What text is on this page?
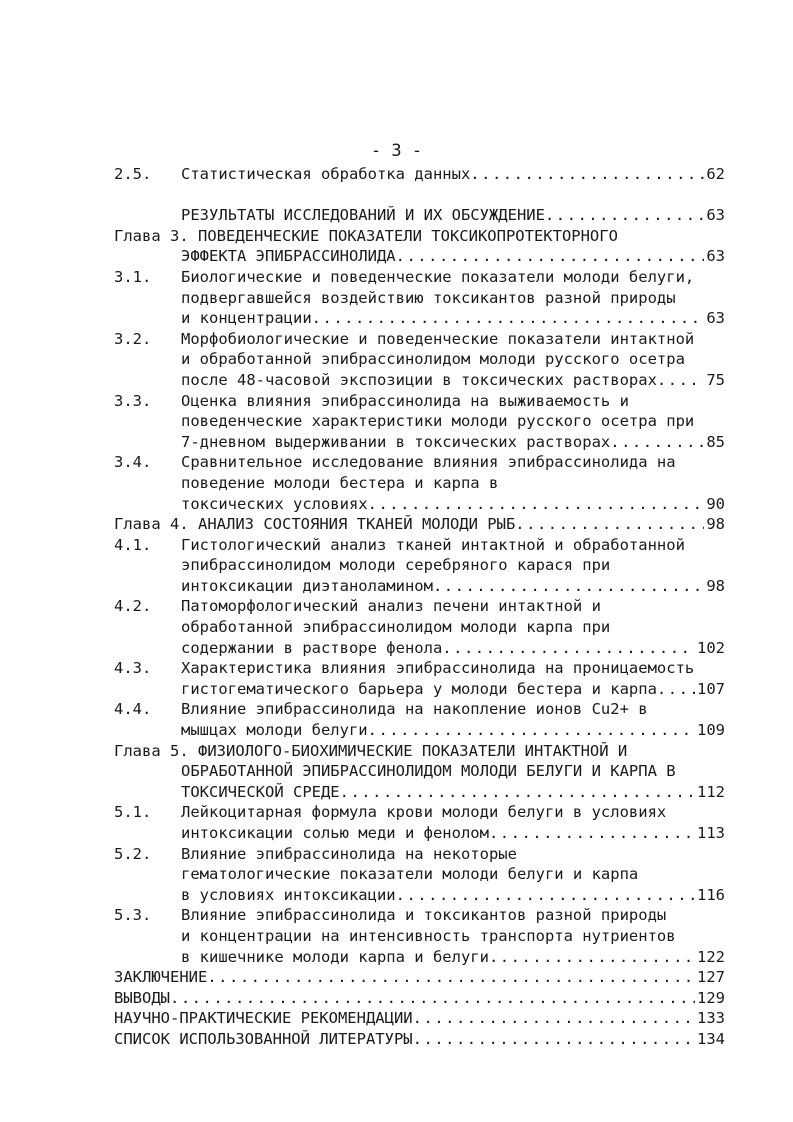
- 3 -
2.5. Статистическая обработка данных .....	62
РЕЗУЛЬТАТЫ ИССЛЕДОВАНИЙ И ИХ ОБСУЖДЕНИЕ .....	63
Глава 3. ПОВЕДЕНЧЕСКИЕ ПОКАЗАТЕЛИ ТОКСИКОПРОТЕКТОРНОГО
ЭФФЕКТА ЭПИБРАССИНОЛИДА .....	63
3.1. Биологические и поведенческие показатели молоди белуги,
подвергавшейся воздействию токсикантов разной природы
и концентрации .....	63
3.2. Морфобиологические и поведенческие показатели интактной
и обработанной эпибрассинолидом молоди русского осетра
после 48-часовой экспозиции в токсических растворах .....	75
3.3. Оценка влияния эпибрассинолида на выживаемость и
поведенческие характеристики молоди русского осетра при
7-дневном выдерживании в токсических растворах .....	85
3.4. Сравнительное исследование влияния эпибрассинолида на
поведение молоди бестера и карпа в
токсических условиях .....	90
Глава 4. АНАЛИЗ СОСТОЯНИЯ ТКАНЕЙ МОЛОДИ РЫБ .....	98
4.1. Гистологический анализ тканей интактной и обработанной
эпибрассинолидом молоди серебряного карася при
интоксикации диэтаноламином .....	98
4.2. Патоморфологический анализ печени интактной и
обработанной эпибрассинолидом молоди карпа при
содержании в растворе фенола .....	102
4.3. Характеристика влияния эпибрассинолида на проницаемость
гистогематического барьера у молоди бестера и карпа .....	107
4.4. Влияние эпибрассинолида на накопление ионов Cu2+ в
мышцах молоди белуги .....	109
Глава 5. ФИЗИОЛОГО-БИОХИМИЧЕСКИЕ ПОКАЗАТЕЛИ ИНТАКТНОЙ И
ОБРАБОТАННОЙ ЭПИБРАССИНОЛИДОМ МОЛОДИ БЕЛУГИ И КАРПА В
ТОКСИЧЕСКОЙ СРЕДЕ .....	112
5.1. Лейкоцитарная формула крови молоди белуги в условиях
интоксикации солью меди и фенолом .....	113
5.2. Влияние эпибрассинолида на некоторые
гематологические показатели молоди белуги и карпа
в условиях интоксикации .....	116
5.3. Влияние эпибрассинолида и токсикантов разной природы
и концентрации на интенсивность транспорта нутриентов
в кишечнике молоди карпа и белуги .....	122
ЗАКЛЮЧЕНИЕ .....	127
ВЫВОДЫ .....	129
НАУЧНО-ПРАКТИЧЕСКИЕ РЕКОМЕНДАЦИИ .....	133
СПИСОК ИСПОЛЬЗОВАННОЙ ЛИТЕРАТУРЫ .....	134
